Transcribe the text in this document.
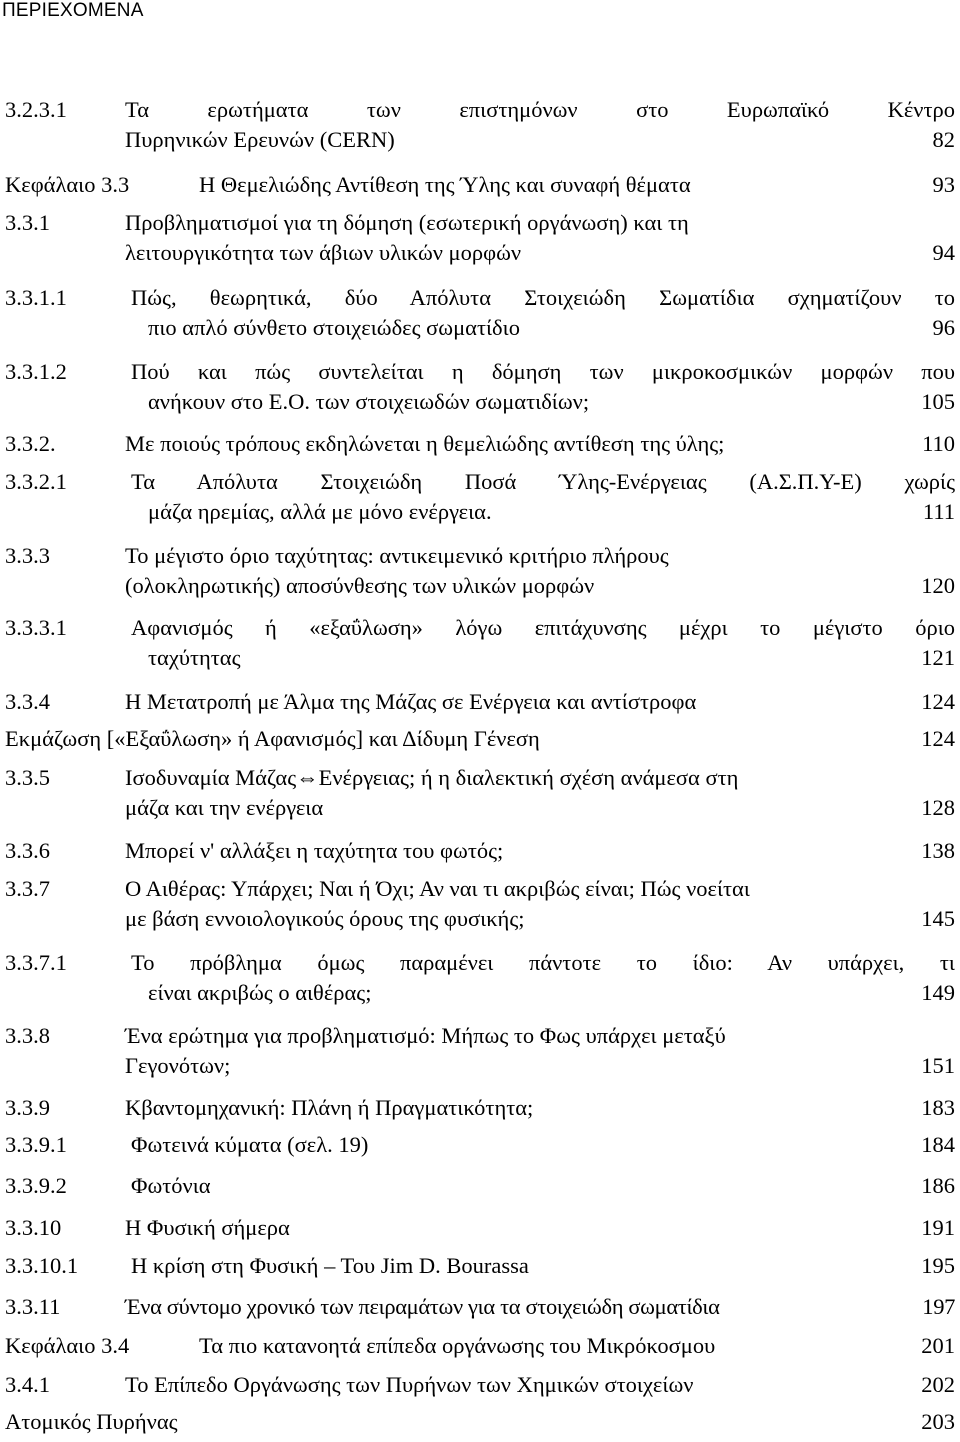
ΠΕΡΙΕΧΟΜΕΝΑ
3.2.3.1	Τα ερωτήματα των επιστημόνων στο Ευρωπαϊκό Κέντρο
Πυρηνικών Ερευνών (CERN)	82
Κεφάλαιο 3.3	Η Θεμελιώδης Αντίθεση της Ύλης και συναφή θέματα	93
3.3.1	Προβληματισμοί για τη δόμηση (εσωτερική οργάνωση) και τη
λειτουργικότητα των άβιων υλικών μορφών	94
3.3.1.1	Πώς, θεωρητικά, δύο Απόλυτα Στοιχειώδη Σωματίδια σχηματίζουν το
πιο απλό σύνθετο στοιχειώδες σωματίδιο	96
3.3.1.2	Πού και πώς συντελείται η δόμηση των μικροκοσμικών μορφών που
ανήκουν στο Ε.Ο. των στοιχειωδών σωματιδίων;	105
3.3.2.	Με ποιούς τρόπους εκδηλώνεται η θεμελιώδης αντίθεση της ύλης;	110
3.3.2.1	Τα Απόλυτα Στοιχειώδη Ποσά Ύλης-Ενέργειας (Α.Σ.Π.Υ-Ε) χωρίς
μάζα ηρεμίας, αλλά με μόνο ενέργεια.	111
3.3.3	Το μέγιστο όριο ταχύτητας: αντικειμενικό κριτήριο πλήρους
(ολοκληρωτικής) αποσύνθεσης των υλικών μορφών	120
3.3.3.1	Αφανισμός ή «εξαΰλωση» λόγω επιτάχυνσης μέχρι το μέγιστο όριο
ταχύτητας	121
3.3.4	Η Μετατροπή με Άλμα της Μάζας σε Ενέργεια και αντίστροφα	124
Εκμάζωση [«Εξαΰλωση» ή Αφανισμός] και Δίδυμη Γένεση	124
3.3.5	Ισοδυναμία Μάζας⇔Ενέργειας; ή η διαλεκτική σχέση ανάμεσα στη
μάζα και την ενέργεια	128
3.3.6	Μπορεί ν' αλλάξει η ταχύτητα του φωτός;	138
3.3.7	Ο Αιθέρας: Υπάρχει; Ναι ή Όχι; Αν ναι τι ακριβώς είναι; Πώς νοείται
με βάση εννοιολογικούς όρους της φυσικής;	145
3.3.7.1	Το πρόβλημα όμως παραμένει πάντοτε το ίδιο: Αν υπάρχει, τι
είναι ακριβώς ο αιθέρας;	149
3.3.8	Ένα ερώτημα για προβληματισμό: Μήπως το Φως υπάρχει μεταξύ
Γεγονότων;	151
3.3.9	Κβαντομηχανική: Πλάνη ή Πραγματικότητα;	183
3.3.9.1	Φωτεινά κύματα (σελ. 19)	184
3.3.9.2	Φωτόνια	186
3.3.10	Η Φυσική σήμερα	191
3.3.10.1 Η κρίση στη Φυσική – Του Jim D. Bourassa	195
3.3.11	Ένα σύντομο χρονικό των πειραμάτων για τα στοιχειώδη σωματίδια	197
Κεφάλαιο 3.4	Τα πιο κατανοητά επίπεδα οργάνωσης του Μικρόκοσμου	201
3.4.1	Το Επίπεδο Οργάνωσης των Πυρήνων των Χημικών στοιχείων	202
Ατομικός Πυρήνας	203
